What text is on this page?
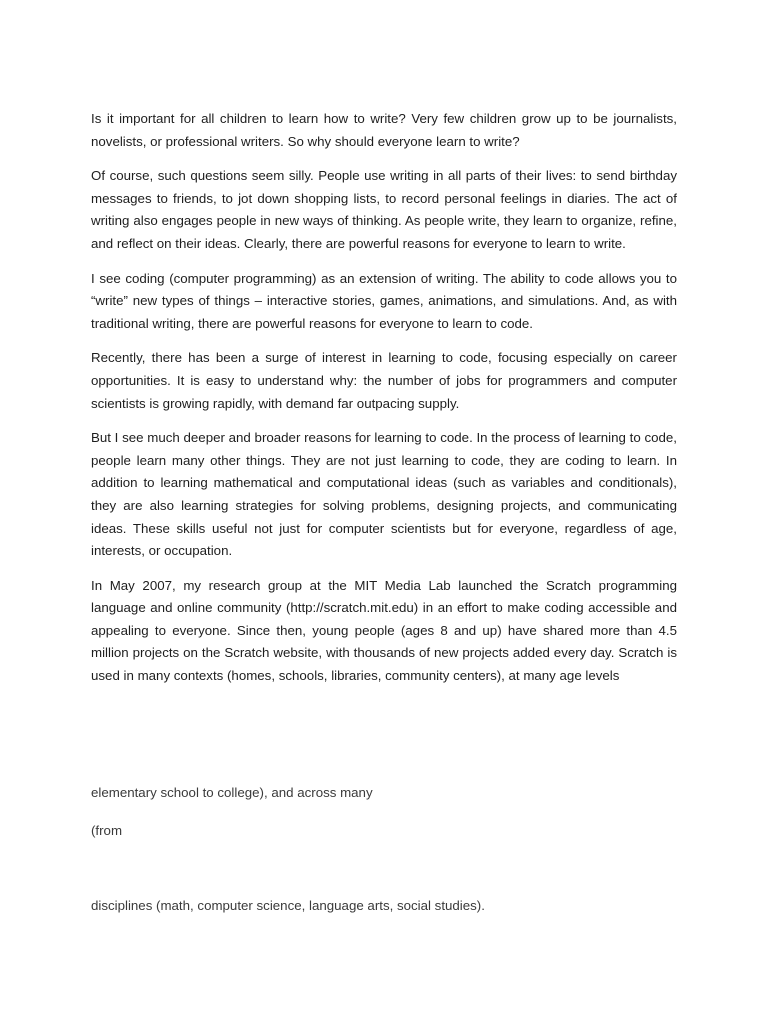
Is it important for all children to learn how to write? Very few children grow up to be journalists, novelists, or professional writers. So why should everyone learn to write?

Of course, such questions seem silly. People use writing in all parts of their lives: to send birthday messages to friends, to jot down shopping lists, to record personal feelings in diaries. The act of writing also engages people in new ways of thinking. As people write, they learn to organize, refine, and reflect on their ideas. Clearly, there are powerful reasons for everyone to learn to write.

I see coding (computer programming) as an extension of writing. The ability to code allows you to “write” new types of things – interactive stories, games, animations, and simulations. And, as with traditional writing, there are powerful reasons for everyone to learn to code.

Recently, there has been a surge of interest in learning to code, focusing especially on career opportunities. It is easy to understand why: the number of jobs for programmers and computer scientists is growing rapidly, with demand far outpacing supply.

But I see much deeper and broader reasons for learning to code. In the process of learning to code, people learn many other things. They are not just learning to code, they are coding to learn. In addition to learning mathematical and computational ideas (such as variables and conditionals), they are also learning strategies for solving problems, designing projects, and communicating ideas. These skills useful not just for computer scientists but for everyone, regardless of age, interests, or occupation.

In May 2007, my research group at the MIT Media Lab launched the Scratch programming language and online community (http://scratch.mit.edu) in an effort to make coding accessible and appealing to everyone. Since then, young people (ages 8 and up) have shared more than 4.5 million projects on the Scratch website, with thousands of new projects added every day. Scratch is used in many contexts (homes, schools, libraries, community centers), at many age levels

elementary school to college), and across many
(from
disciplines (math, computer science, language arts, social studies).
